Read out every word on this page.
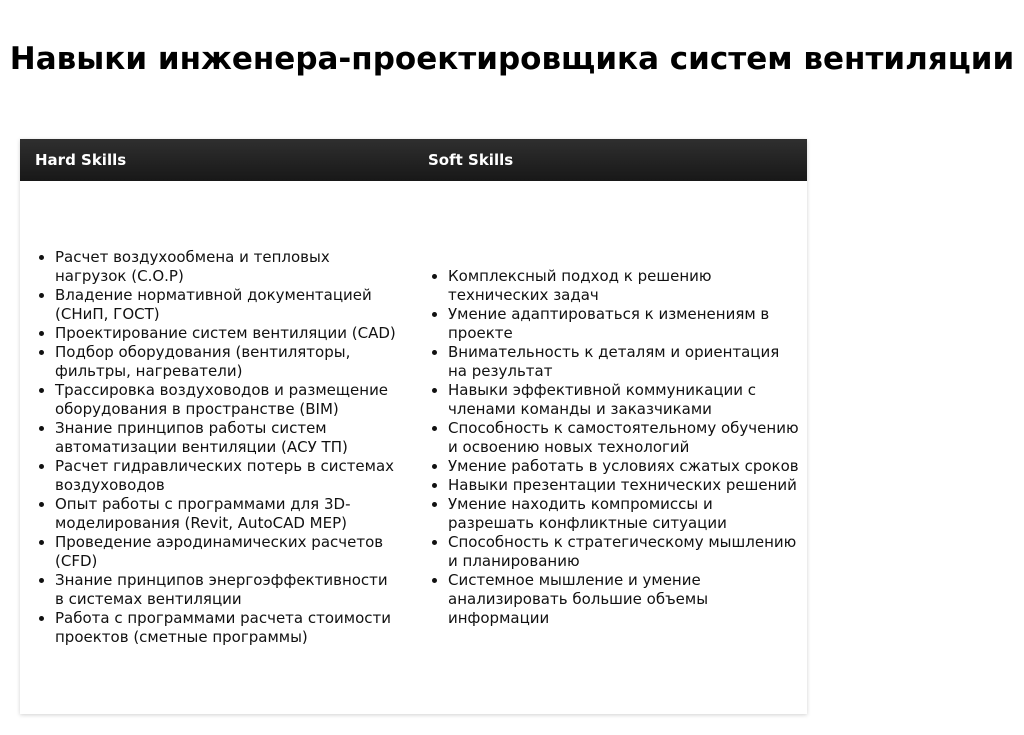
Навыки инженера-проектировщика систем вентиляции
Hard Skills	Soft Skills
• Расчет воздухообмена и тепловых нагрузок (С.О.Р)
• Владение нормативной документацией (СНиП, ГОСТ)
• Проектирование систем вентиляции (CAD)
• Подбор оборудования (вентиляторы, фильтры, нагреватели)
• Трассировка воздуховодов и размещение оборудования в пространстве (BIM)
• Знание принципов работы систем автоматизации вентиляции (АСУ ТП)
• Расчет гидравлических потерь в системах воздуховодов
• Опыт работы с программами для 3D-моделирования (Revit, AutoCAD MEP)
• Проведение аэродинамических расчетов (CFD)
• Знание принципов энергоэффективности в системах вентиляции
• Работа с программами расчета стоимости проектов (сметные программы)
• Комплексный подход к решению технических задач
• Умение адаптироваться к изменениям в проекте
• Внимательность к деталям и ориентация на результат
• Навыки эффективной коммуникации с членами команды и заказчиками
• Способность к самостоятельному обучению и освоению новых технологий
• Умение работать в условиях сжатых сроков
• Навыки презентации технических решений
• Умение находить компромиссы и разрешать конфликтные ситуации
• Способность к стратегическому мышлению и планированию
• Системное мышление и умение анализировать большие объемы информации
